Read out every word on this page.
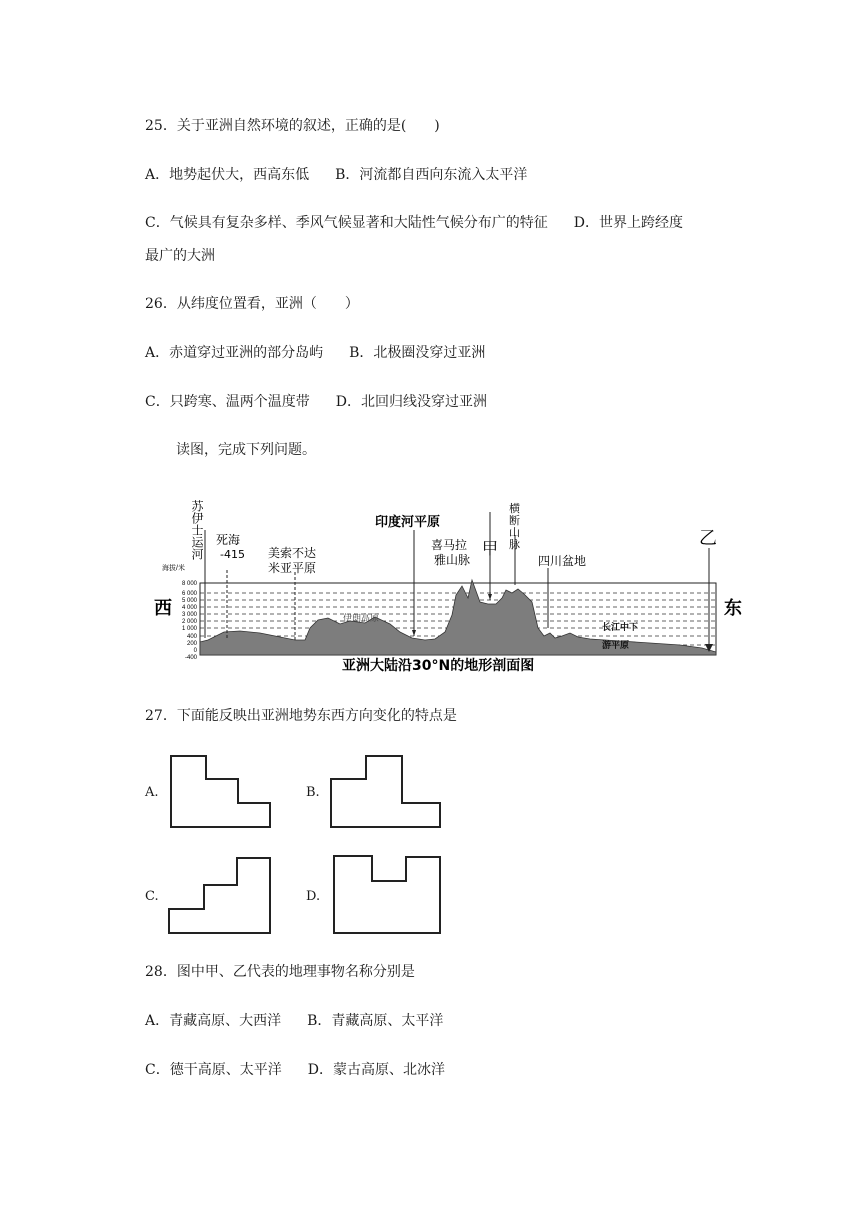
25．关于亚洲自然环境的叙述，正确的是(　　)
A．地势起伏大，西高东低 B．河流都自西向东流入太平洋
C．气候具有复杂多样、季风气候显著和大陆性气候分布广的特征 D．世界上跨经度
最广的大洲
26．从纬度位置看，亚洲（　　）
A．赤道穿过亚洲的部分岛屿 B．北极圈没穿过亚洲
C．只跨寒、温两个温度带 D．北回归线没穿过亚洲
读图，完成下列问题。
西	东
海拔/米
8 000
6 000
5 000
4 000
3 000
2 000
1 000
400
200
0
-400
苏伊士运河 死海
-415 美索不达
米亚平原
伊朗高原
印度河平原
喜马拉
雅山脉
甲
横
断
山
脉
四川盆地
乙
长江中下
游平原
亚洲大陆沿30°N的地形剖面图
27．下面能反映出亚洲地势东西方向变化的特点是
A.	B.
C.	D.
28．图中甲、乙代表的地理事物名称分别是
A．青藏高原、大西洋 B．青藏高原、太平洋
C．德干高原、太平洋 D．蒙古高原、北冰洋
